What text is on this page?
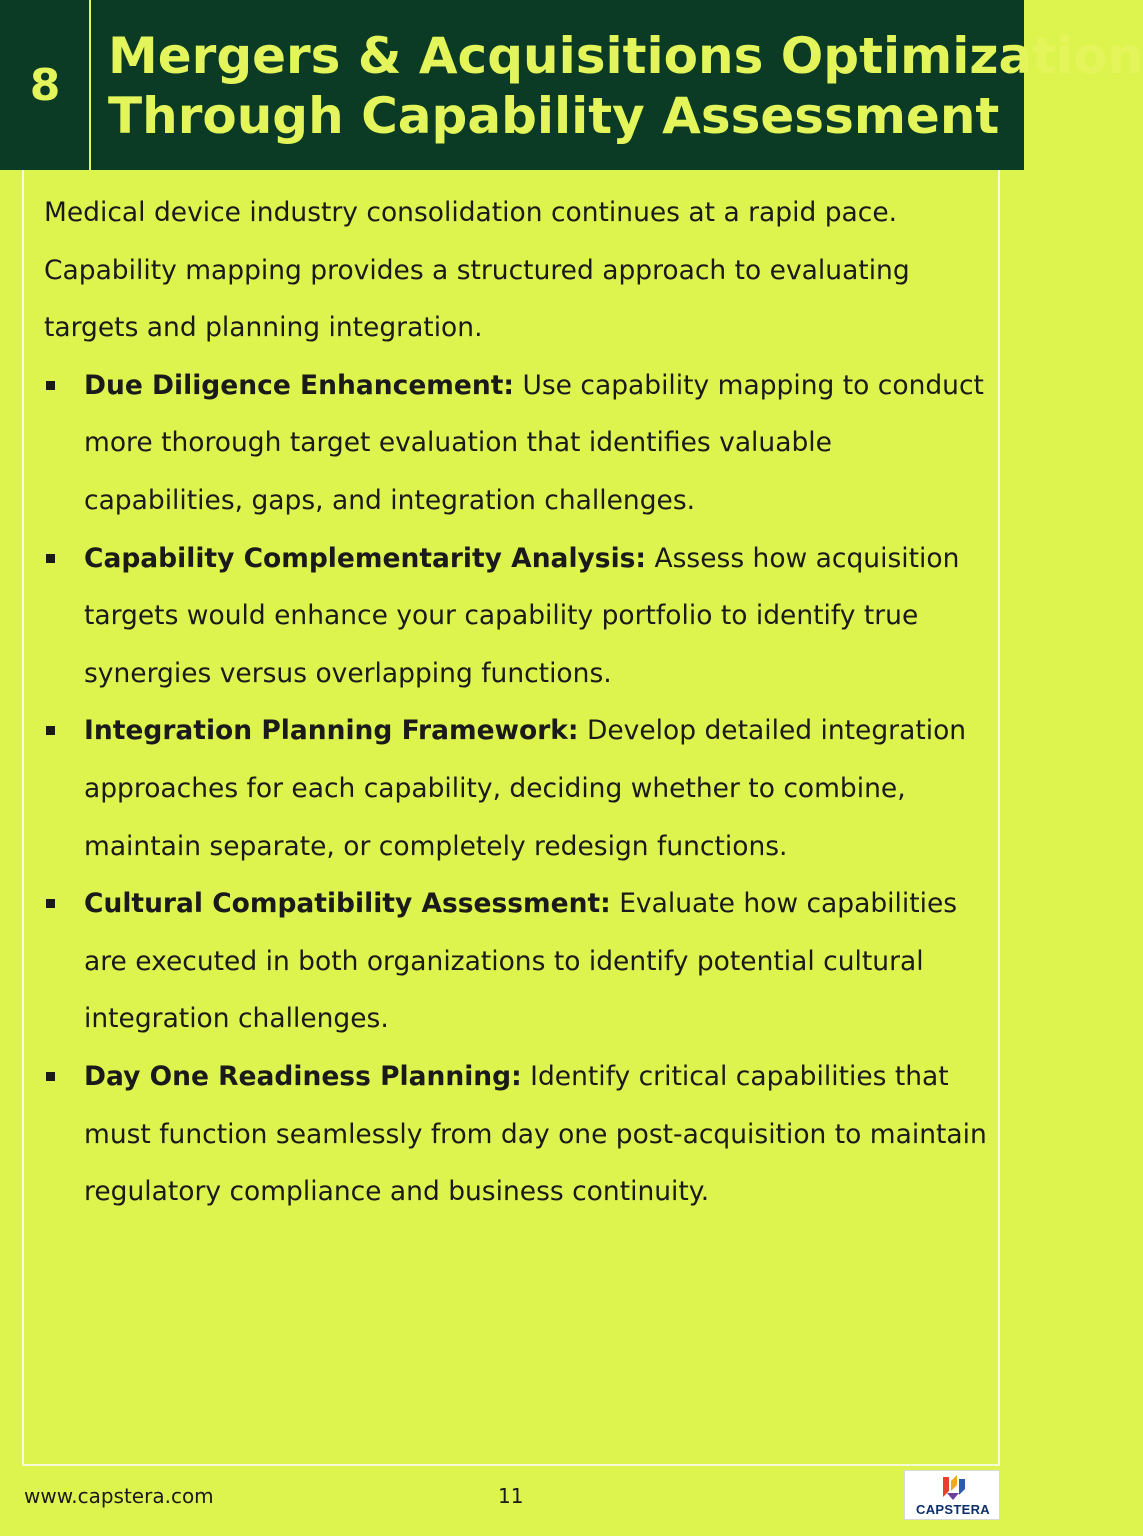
8 Mergers & Acquisitions Optimization
Through Capability Assessment

Medical device industry consolidation continues at a rapid pace. Capability mapping provides a structured approach to evaluating targets and planning integration.

Due Diligence Enhancement: Use capability mapping to conduct more thorough target evaluation that identifies valuable capabilities, gaps, and integration challenges.
Capability Complementarity Analysis: Assess how acquisition targets would enhance your capability portfolio to identify true synergies versus overlapping functions.
Integration Planning Framework: Develop detailed integration approaches for each capability, deciding whether to combine, maintain separate, or completely redesign functions.
Cultural Compatibility Assessment: Evaluate how capabilities are executed in both organizations to identify potential cultural integration challenges.
Day One Readiness Planning: Identify critical capabilities that must function seamlessly from day one post-acquisition to maintain regulatory compliance and business continuity.
www.capstera.com	11
CAPSTERA
